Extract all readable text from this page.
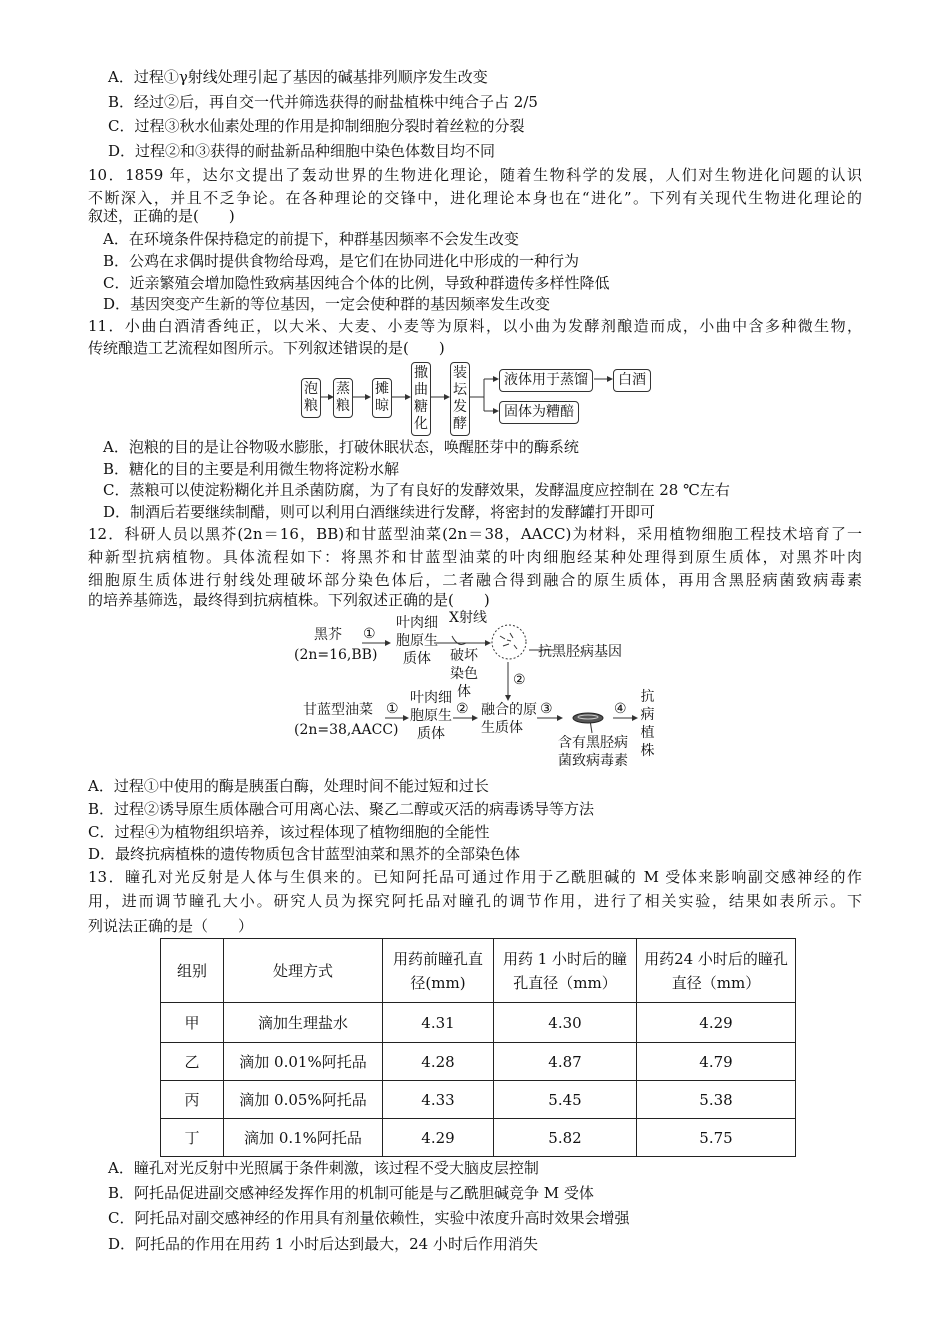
A．过程①γ射线处理引起了基因的碱基排列顺序发生改变
B．经过②后，再自交一代并筛选获得的耐盐植株中纯合子占 2/5
C．过程③秋水仙素处理的作用是抑制细胞分裂时着丝粒的分裂
D．过程②和③获得的耐盐新品种细胞中染色体数目均不同
10．1859 年，达尔文提出了轰动世界的生物进化理论，随着生物科学的发展，人们对生物进化问题的认识
不断深入，并且不乏争论。在各种理论的交锋中，进化理论本身也在“进化”。下列有关现代生物进化理论的
叙述，正确的是(　　)
A．在环境条件保持稳定的前提下，种群基因频率不会发生改变
B．公鸡在求偶时提供食物给母鸡，是它们在协同进化中形成的一种行为
C．近亲繁殖会增加隐性致病基因纯合个体的比例，导致种群遗传多样性降低
D．基因突变产生新的等位基因，一定会使种群的基因频率发生改变
11．小曲白酒清香纯正，以大米、大麦、小麦等为原料，以小曲为发酵剂酿造而成，小曲中含多种微生物，
传统酿造工艺流程如图所示。下列叙述错误的是(　　)
泡粮
蒸粮
摊晾
撒曲糖化
装坛发酵
液体用于蒸馏	白酒
固体为糟醅
A．泡粮的目的是让谷物吸水膨胀，打破休眠状态，唤醒胚芽中的酶系统
B．糖化的目的主要是利用微生物将淀粉水解
C．蒸粮可以使淀粉糊化并且杀菌防腐，为了有良好的发酵效果，发酵温度应控制在 28 ℃左右
D．制酒后若要继续制醋，则可以利用白酒继续进行发酵，将密封的发酵罐打开即可
12．科研人员以黑芥(2n＝16，BB)和甘蓝型油菜(2n＝38，AACC)为材料，采用植物细胞工程技术培育了一
种新型抗病植物。具体流程如下：将黑芥和甘蓝型油菜的叶肉细胞经某种处理得到原生质体，对黑芥叶肉
细胞原生质体进行射线处理破坏部分染色体后，二者融合得到融合的原生质体，再用含黑胫病菌致病毒素
的培养基筛选，最终得到抗病植株。下列叙述正确的是(　　)
黑芥
(2n=16,BB)
①
叶肉细胞原生质体
X射线
破坏染色体
抗黑胫病基因
②
甘蓝型油菜
(2n=38,AACC)
①
叶肉细胞原生质体
② 融合的原生质体
③
含有黑胫病菌致病毒素
④
抗病植株
A．过程①中使用的酶是胰蛋白酶，处理时间不能过短和过长
B．过程②诱导原生质体融合可用离心法、聚乙二醇或灭活的病毒诱导等方法
C．过程④为植物组织培养，该过程体现了植物细胞的全能性
D．最终抗病植株的遗传物质包含甘蓝型油菜和黑芥的全部染色体
13．瞳孔对光反射是人体与生俱来的。已知阿托品可通过作用于乙酰胆碱的 M 受体来影响副交感神经的作
用，进而调节瞳孔大小。研究人员为探究阿托品对瞳孔的调节作用，进行了相关实验，结果如表所示。下
列说法正确的是（　　）
组别	处理方式	用药前瞳孔直径(mm)	用药 1 小时后的瞳孔直径（mm）	用药24 小时后的瞳孔直径（mm）
甲	滴加生理盐水	4.31	4.30	4.29
乙	滴加 0.01%阿托品	4.28	4.87	4.79
丙	滴加 0.05%阿托品	4.33	5.45	5.38
丁	滴加 0.1%阿托品	4.29	5.82	5.75
A．瞳孔对光反射中光照属于条件刺激，该过程不受大脑皮层控制
B．阿托品促进副交感神经发挥作用的机制可能是与乙酰胆碱竞争 M 受体
C．阿托品对副交感神经的作用具有剂量依赖性，实验中浓度升高时效果会增强
D．阿托品的作用在用药 1 小时后达到最大，24 小时后作用消失
